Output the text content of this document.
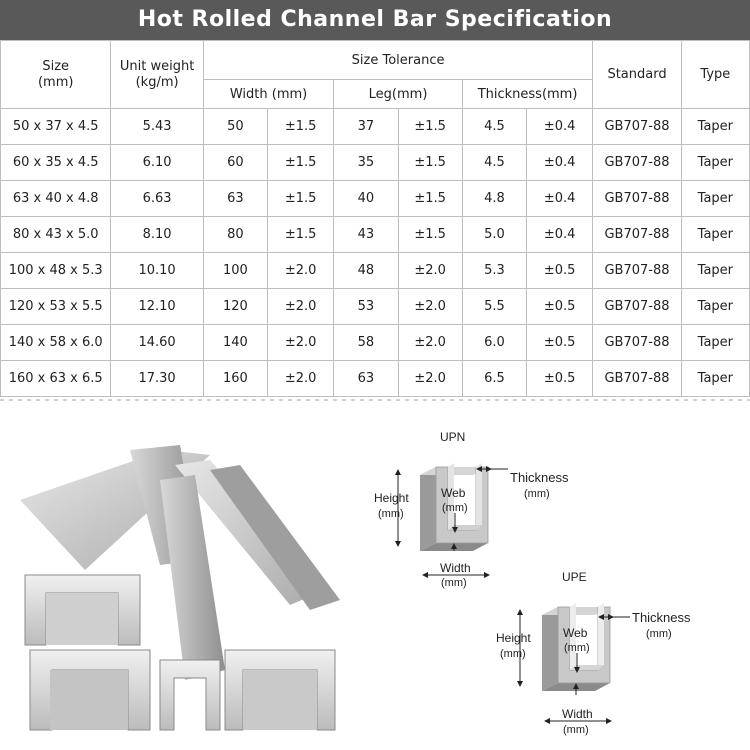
Hot Rolled Channel Bar Specification
Size
(mm)	Unit weight
(kg/m)	Size Tolerance						Standard	Type
		Width (mm)		Leg(mm)		Thickness(mm)			
50 x 37 x 4.5	5.43	50	±1.5	37	±1.5	4.5	±0.4	GB707-88	Taper
60 x 35 x 4.5	6.10	60	±1.5	35	±1.5	4.5	±0.4	GB707-88	Taper
63 x 40 x 4.8	6.63	63	±1.5	40	±1.5	4.8	±0.4	GB707-88	Taper
80 x 43 x 5.0	8.10	80	±1.5	43	±1.5	5.0	±0.4	GB707-88	Taper
100 x 48 x 5.3	10.10	100	±2.0	48	±2.0	5.3	±0.5	GB707-88	Taper
120 x 53 x 5.5	12.10	120	±2.0	53	±2.0	5.5	±0.5	GB707-88	Taper
140 x 58 x 6.0	14.60	140	±2.0	58	±2.0	6.0	±0.5	GB707-88	Taper
160 x 63 x 6.5	17.30	160	±2.0	63	±2.0	6.5	±0.5	GB707-88	Taper
UPN
Height
(mm)
Web
(mm)
Thickness
(mm)
Width
(mm)	UPE
Height
(mm)
Web
(mm)
Thickness
(mm)
Width
(mm)
